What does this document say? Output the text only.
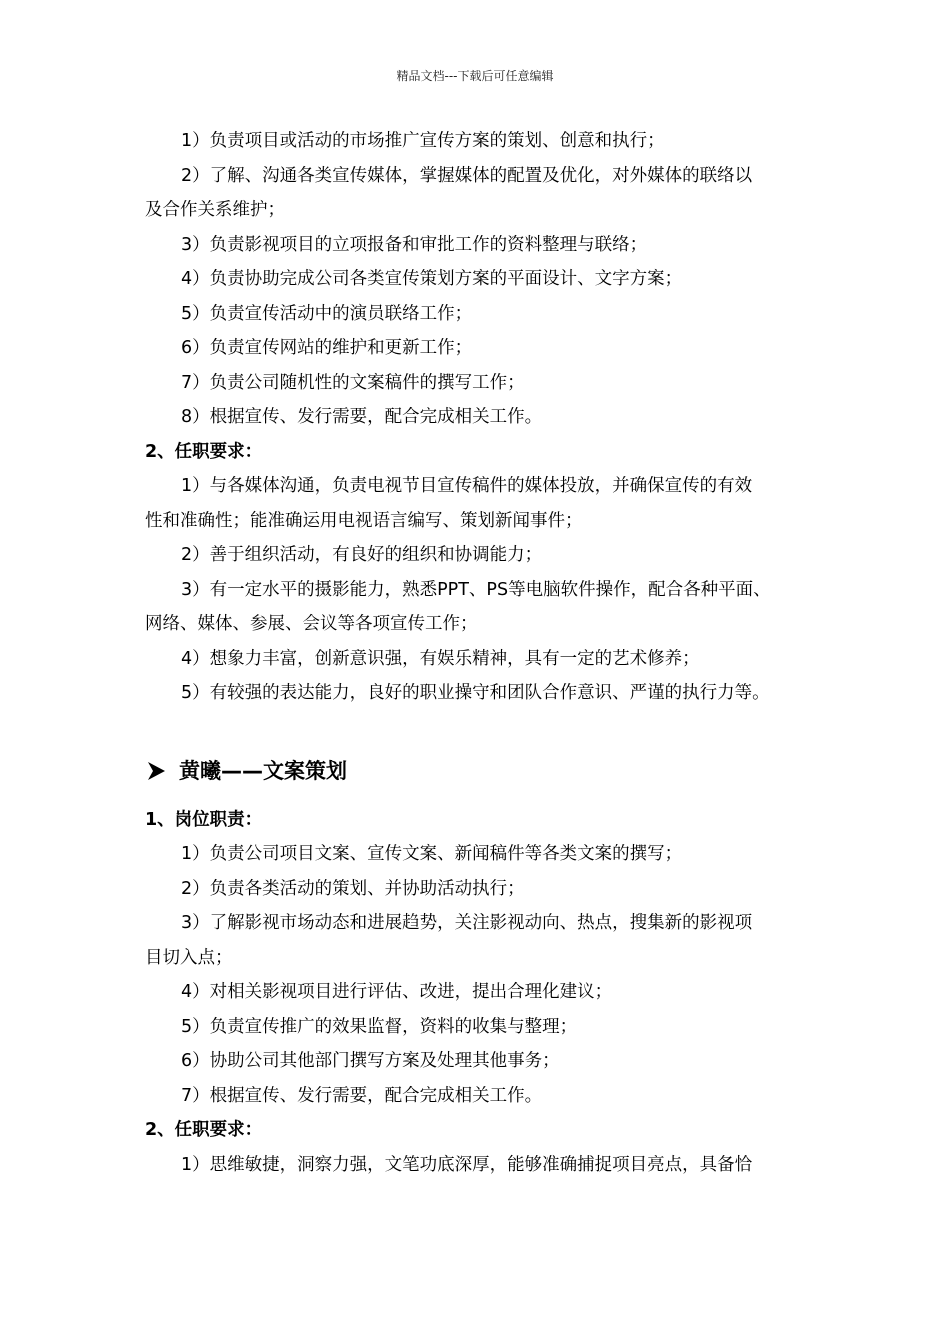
精品文档---下载后可任意编辑

1）负责项目或活动的市场推广宣传方案的策划、创意和执行；

2）了解、沟通各类宣传媒体，掌握媒体的配置及优化，对外媒体的联络以

及合作关系维护；

3）负责影视项目的立项报备和审批工作的资料整理与联络；

4）负责协助完成公司各类宣传策划方案的平面设计、文字方案；

5）负责宣传活动中的演员联络工作；

6）负责宣传网站的维护和更新工作；

7）负责公司随机性的文案稿件的撰写工作；

8）根据宣传、发行需要，配合完成相关工作。

2、任职要求：

1）与各媒体沟通，负责电视节目宣传稿件的媒体投放，并确保宣传的有效

性和准确性；能准确运用电视语言编写、策划新闻事件；

2）善于组织活动，有良好的组织和协调能力；

3）有一定水平的摄影能力，熟悉PPT、PS等电脑软件操作，配合各种平面、

网络、媒体、参展、会议等各项宣传工作；

4）想象力丰富，创新意识强，有娱乐精神，具有一定的艺术修养；

5）有较强的表达能力，良好的职业操守和团队合作意识、严谨的执行力等。

黄曦——文案策划

1、岗位职责：

1）负责公司项目文案、宣传文案、新闻稿件等各类文案的撰写；

2）负责各类活动的策划、并协助活动执行；

3）了解影视市场动态和进展趋势，关注影视动向、热点，搜集新的影视项

目切入点；

4）对相关影视项目进行评估、改进，提出合理化建议；

5）负责宣传推广的效果监督，资料的收集与整理；

6）协助公司其他部门撰写方案及处理其他事务；

7）根据宣传、发行需要，配合完成相关工作。

2、任职要求：

1）思维敏捷，洞察力强，文笔功底深厚，能够准确捕捉项目亮点，具备恰
